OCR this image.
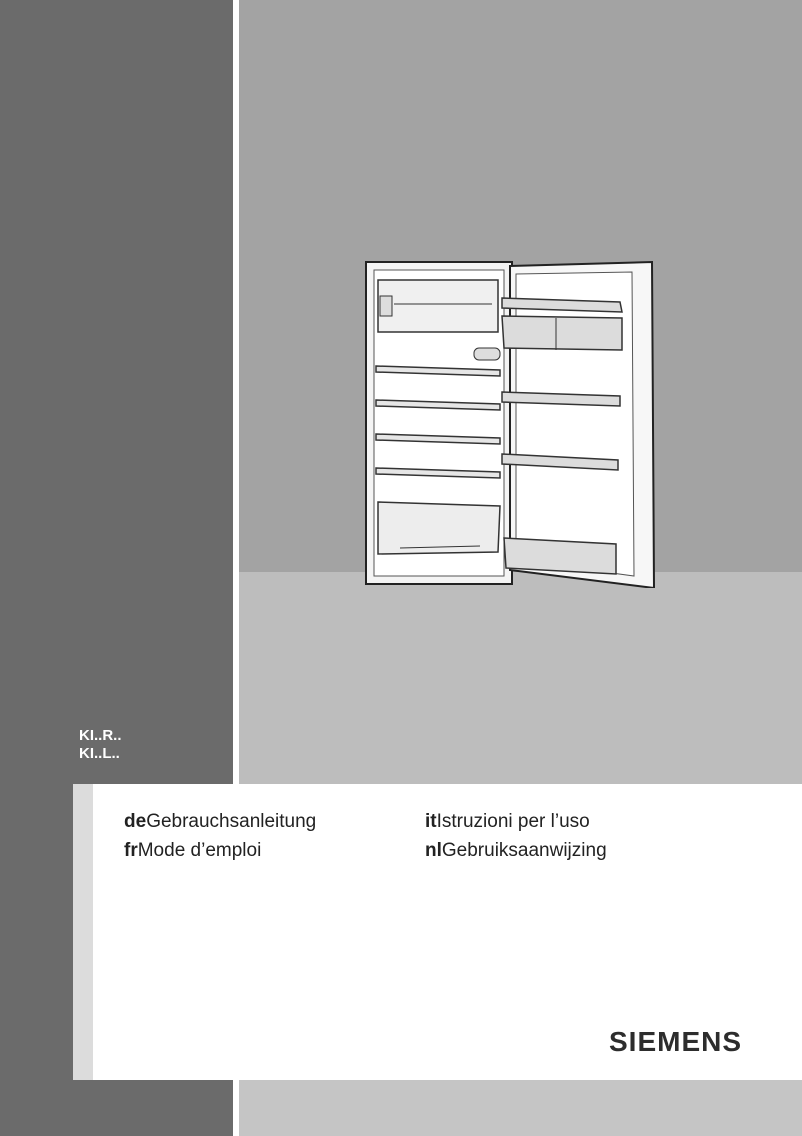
KI..R..
KI..L..
deGebrauchsanleitung
frMode d’emploi
itIstruzioni per l’uso
nlGebruiksaanwijzing
SIEMENS
